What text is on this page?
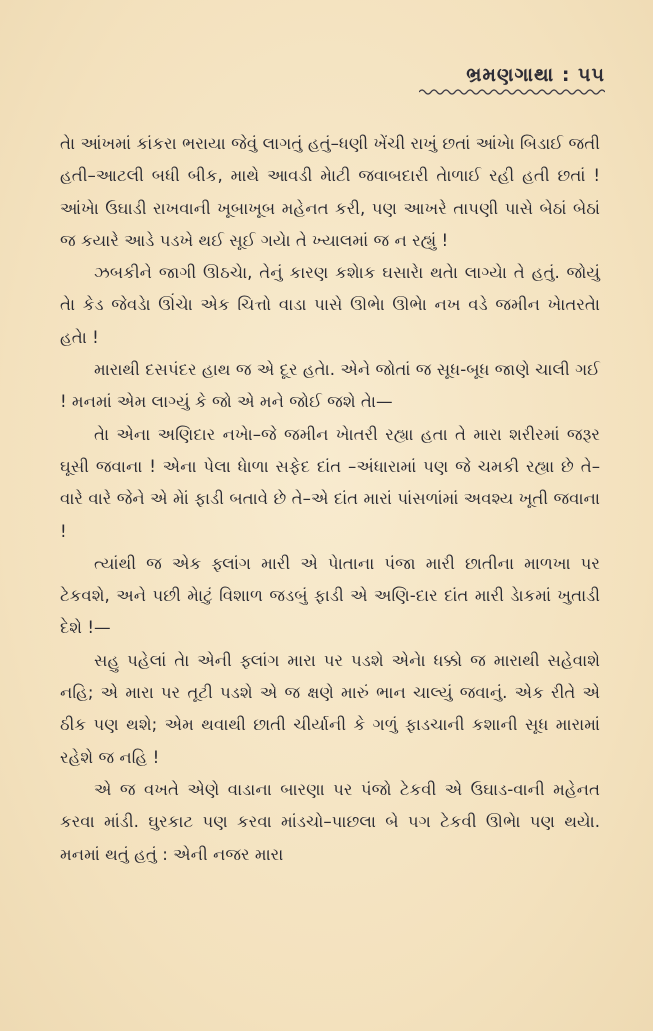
ભ્રમણગાથા : ૫૫

તેા આંખમાં કાંકરા ભરાયા જેવું લાગતું હતું–ધણી ખેંચી રાખું છતાં આંખેા બિડાઈ જતી હતી–આટલી બધી બીક, માથે આવડી મેાટી જવાબદારી તેાળાઈ રહી હતી છતાં ! આંખેા ઉઘાડી રાખવાની ખૂબાખૂબ મહેનત કરી, પણ આખરે તાપણી પાસે બેઠાં બેઠાં જ કયારે આડે પડખે થઈ સૂઈ ગયેા તે ખ્યાલમાં જ ન રહ્યું !

ઝબકીને જાગી ઊઠચેા, તેનું કારણ કશેાક ઘસારેા થતેા લાગ્યેા તે હતું. જોયું તેા કેડ જેવડેા ઊંચેા એક ચિત્તો વાડા પાસે ઊભેા ઊભેા નખ વડે જમીન ખેાતરતેા હતેા !

મારાથી દસપંદર હાથ જ એ દૂર હતેા. એને જોતાં જ સૂધ-બૂધ જાણે ચાલી ગઈ ! મનમાં એમ લાગ્યું કે જો એ મને જોઈ જશે તેા—

તેા એના અણિદાર નખેા–જે જમીન ખેાતરી રહ્યા હતા તે મારા શરીરમાં જરૂર ઘૂસી જવાના ! એના પેલા ધેાળા સફેદ દાંત –અંધારામાં પણ જે ચમકી રહ્યા છે તે–વારે વારે જેને એ મેાં ફાડી બતાવે છે તે–એ દાંત મારાં પાંસળાંમાં અવશ્ય ખૂતી જવાના !

ત્યાંથી જ એક ફ્લાંગ મારી એ પેાતાના પંજા મારી છાતીના માળખા પર ટેકવશે, અને પછી મેાટું વિશાળ જડબું ફાડી એ અણિ-દાર દાંત મારી ડેાકમાં ખુતાડી દેશે !—

સહુ પહેલાં તેા એની ફ્લાંગ મારા પર પડશે એનેા ધક્કો જ મારાથી સહેવાશે નહિ; એ મારા પર તૂટી પડશે એ જ ક્ષણે મારું ભાન ચાલ્યું જવાનું. એક રીતે એ ઠીક પણ થશે; એમ થવાથી છાતી ચીર્યાની કે ગળું ફાડચાની કશાની સૂધ મારામાં રહેશે જ નહિ !

એ જ વખતે એણે વાડાના બારણા પર પંજો ટેકવી એ ઉઘાડ-વાની મહેનત કરવા માંડી. ઘુરકાટ પણ કરવા માંડચો–પાછલા બે પગ ટેકવી ઊભેા પણ થયેા. મનમાં થતું હતું : એની નજર મારા
